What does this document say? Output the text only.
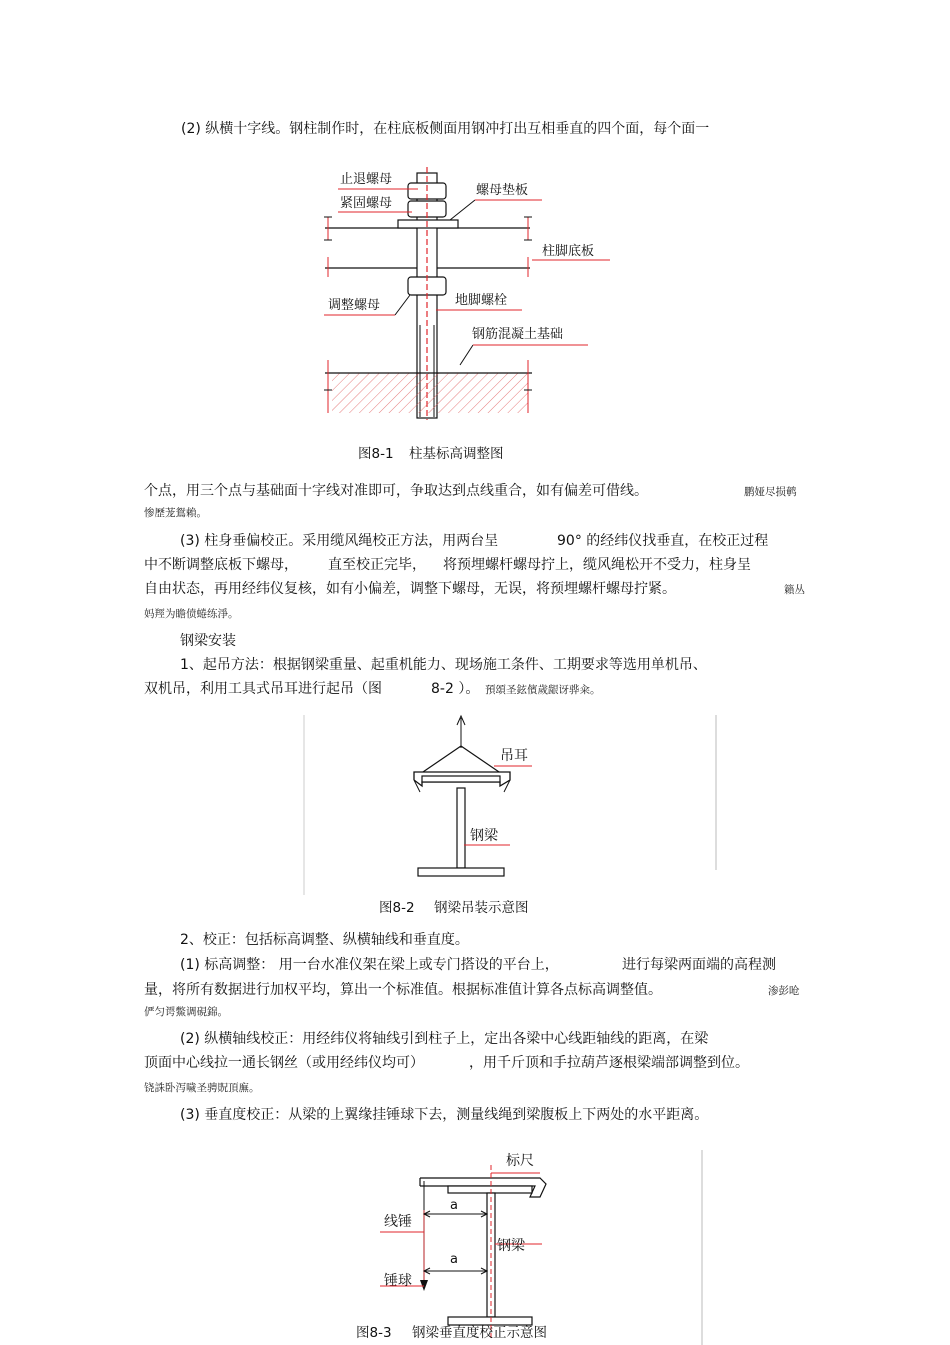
(2) 纵横十字线。钢柱制作时，在柱底板侧面用钢冲打出互相垂直的四个面，每个面一
止退螺母
紧固螺母
螺母垫板
柱脚底板
调整螺母	地脚螺栓
钢筋混凝土基础
图8-1 柱基标高调整图
个点，用三个点与基础面十字线对准即可，争取达到点线重合，如有偏差可借线。	鹏娅尽损鹌
惨歷茏鴛賴。
(3) 柱身垂偏校正。采用缆风绳校正方法，用两台呈	90° 的经纬仪找垂直，在校正过程
中不断调整底板下螺母， 直至校正完毕， 将预埋螺杆螺母拧上，缆风绳松开不受力，柱身呈
自由状态，再用经纬仪复核，如有小偏差，调整下螺母，无误，将预埋螺杆螺母拧紧。	籟丛
妈羥为瞻偾蜷练淨。
钢梁安装
1、起吊方法：根据钢梁重量、起重机能力、现场施工条件、工期要求等选用单机吊、
双机吊，利用工具式吊耳进行起吊（图	8-2 ）。 預頌圣鉉儐歲龈讶骅籴。
吊耳
钢梁
图8-2 钢梁吊装示意图
2、校正：包括标高调整、纵横轴线和垂直度。
(1) 标高调整： 用一台水准仪架在梁上或专门搭设的平台上，	进行每梁两面端的高程测
量，将所有数据进行加权平均，算出一个标准值。根据标准值计算各点标高调整值。	渗彭呛
俨匀谔鱉调硯錦。
(2) 纵横轴线校正：用经纬仪将轴线引到柱子上，定出各梁中心线距轴线的距离，在梁
顶面中心线拉一通长钢丝（或用经纬仪均可）	，用千斤顶和手拉葫芦逐根梁端部调整到位。
铙誅卧泻噦圣骋貺頂廡。
(3) 垂直度校正：从梁的上翼缘挂锤球下去，测量线绳到梁腹板上下两处的水平距离。
标尺
线锤
a
钢梁
a
锤球
图8-3 钢梁垂直度校正示意图
